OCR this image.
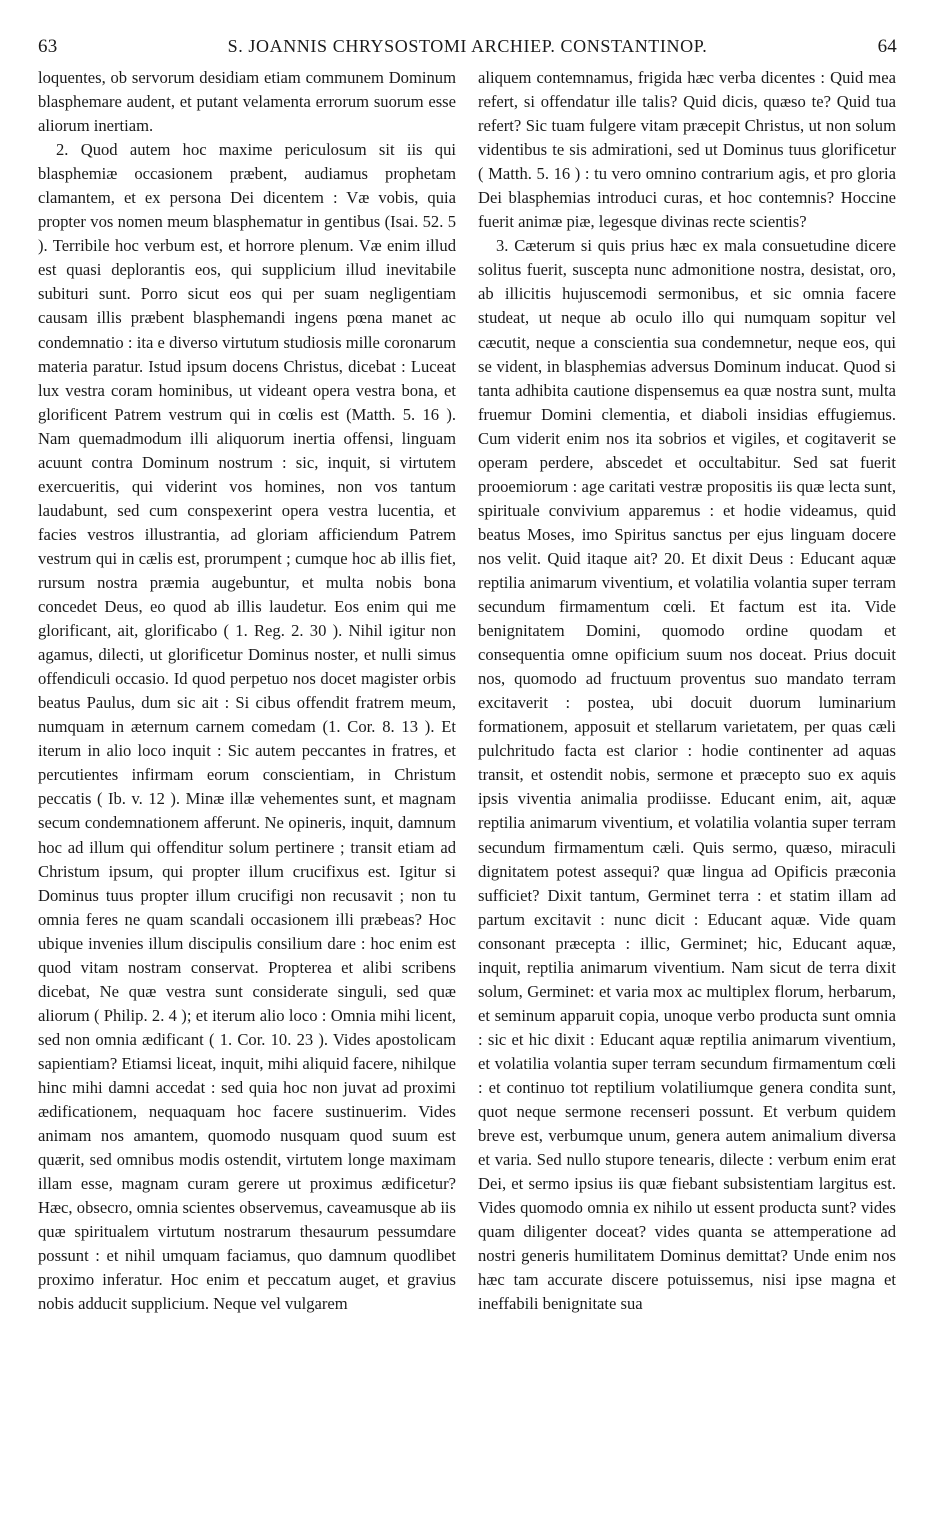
63	S. JOANNIS CHRYSOSTOMI ARCHIEP. CONSTANTINOP.	64

loquentes, ob servorum desidiam etiam communem Dominum blasphemare audent, et putant velamenta errorum suorum esse aliorum inertiam.

2. Quod autem hoc maxime periculosum sit iis qui blasphemiæ occasionem præbent, audiamus prophetam clamantem, et ex persona Dei dicentem : Væ vobis, quia propter vos nomen meum blasphematur in gentibus (Isai. 52. 5 ). Terribile hoc verbum est, et horrore plenum. Væ enim illud est quasi deplorantis eos, qui supplicium illud inevitabile subituri sunt. Porro sicut eos qui per suam negligentiam causam illis præbent blasphemandi ingens pœna manet ac condemnatio : ita e diverso virtutum studiosis mille coronarum materia paratur. Istud ipsum docens Christus, dicebat : Luceat lux vestra coram hominibus, ut videant opera vestra bona, et glorificent Patrem vestrum qui in cœlis est (Matth. 5. 16 ). Nam quemadmodum illi aliquorum inertia offensi, linguam acuunt contra Dominum nostrum : sic, inquit, si virtutem exercueritis, qui viderint vos homines, non vos tantum laudabunt, sed cum conspexerint opera vestra lucentia, et facies vestros illustrantia, ad gloriam afficiendum Patrem vestrum qui in cælis est, prorumpent ; cumque hoc ab illis fiet, rursum nostra præmia augebuntur, et multa nobis bona concedet Deus, eo quod ab illis laudetur. Eos enim qui me glorificant, ait, glorificabo ( 1. Reg. 2. 30 ). Nihil igitur non agamus, dilecti, ut glorificetur Dominus noster, et nulli simus offendiculi occasio. Id quod perpetuo nos docet magister orbis beatus Paulus, dum sic ait : Si cibus offendit fratrem meum, numquam in æternum carnem comedam (1. Cor. 8. 13 ). Et iterum in alio loco inquit : Sic autem peccantes in fratres, et percutientes infirmam eorum conscientiam, in Christum peccatis ( Ib. v. 12 ). Minæ illæ vehementes sunt, et magnam secum condemnationem afferunt. Ne opineris, inquit, damnum hoc ad illum qui offenditur solum pertinere ; transit etiam ad Christum ipsum, qui propter illum crucifixus est. Igitur si Dominus tuus propter illum crucifigi non recusavit ; non tu omnia feres ne quam scandali occasionem illi præbeas? Hoc ubique invenies illum discipulis consilium dare : hoc enim est quod vitam nostram conservat. Propterea et alibi scribens dicebat, Ne quæ vestra sunt considerate singuli, sed quæ aliorum ( Philip. 2. 4 ); et iterum alio loco : Omnia mihi licent, sed non omnia ædificant ( 1. Cor. 10. 23 ). Vides apostolicam sapientiam? Etiamsi liceat, inquit, mihi aliquid facere, nihilque hinc mihi damni accedat : sed quia hoc non juvat ad proximi ædificationem, nequaquam hoc facere sustinuerim. Vides animam nos amantem, quomodo nusquam quod suum est quærit, sed omnibus modis ostendit, virtutem longe maximam illam esse, magnam curam gerere ut proximus ædificetur? Hæc, obsecro, omnia scientes observemus, caveamusque ab iis quæ spiritualem virtutum nostrarum thesaurum pessumdare possunt : et nihil umquam faciamus, quo damnum quodlibet proximo inferatur. Hoc enim et peccatum auget, et gravius nobis adducit supplicium. Neque vel vulgarem

aliquem contemnamus, frigida hæc verba dicentes : Quid mea refert, si offendatur ille talis? Quid dicis, quæso te? Quid tua refert? Sic tuam fulgere vitam præcepit Christus, ut non solum videntibus te sis admirationi, sed ut Dominus tuus glorificetur ( Matth. 5. 16 ) : tu vero omnino contrarium agis, et pro gloria Dei blasphemias introduci curas, et hoc contemnis? Hoccine fuerit animæ piæ, legesque divinas recte scientis?

3. Cæterum si quis prius hæc ex mala consuetudine dicere solitus fuerit, suscepta nunc admonitione nostra, desistat, oro, ab illicitis hujuscemodi sermonibus, et sic omnia facere studeat, ut neque ab oculo illo qui numquam sopitur vel cæcutit, neque a conscientia sua condemnetur, neque eos, qui se vident, in blasphemias adversus Dominum inducat. Quod si tanta adhibita cautione dispensemus ea quæ nostra sunt, multa fruemur Domini clementia, et diaboli insidias effugiemus. Cum viderit enim nos ita sobrios et vigiles, et cogitaverit se operam perdere, abscedet et occultabitur. Sed sat fuerit prooemiorum : age caritati vestræ propositis iis quæ lecta sunt, spirituale convivium apparemus : et hodie videamus, quid beatus Moses, imo Spiritus sanctus per ejus linguam docere nos velit. Quid itaque ait? 20. Et dixit Deus : Educant aquæ reptilia animarum viventium, et volatilia volantia super terram secundum firmamentum cœli. Et factum est ita. Vide benignitatem Domini, quomodo ordine quodam et consequentia omne opificium suum nos doceat. Prius docuit nos, quomodo ad fructuum proventus suo mandato terram excitaverit : postea, ubi docuit duorum luminarium formationem, apposuit et stellarum varietatem, per quas cæli pulchritudo facta est clarior : hodie continenter ad aquas transit, et ostendit nobis, sermone et præcepto suo ex aquis ipsis viventia animalia prodiisse. Educant enim, ait, aquæ reptilia animarum viventium, et volatilia volantia super terram secundum firmamentum cæli. Quis sermo, quæso, miraculi dignitatem potest assequi? quæ lingua ad Opificis præconia sufficiet? Dixit tantum, Germinet terra : et statim illam ad partum excitavit : nunc dicit : Educant aquæ. Vide quam consonant præcepta : illic, Germinet; hic, Educant aquæ, inquit, reptilia animarum viventium. Nam sicut de terra dixit solum, Germinet: et varia mox ac multiplex florum, herbarum, et seminum apparuit copia, unoque verbo producta sunt omnia : sic et hic dixit : Educant aquæ reptilia animarum viventium, et volatilia volantia super terram secundum firmamentum cœli : et continuo tot reptilium volatiliumque genera condita sunt, quot neque sermone recenseri possunt. Et verbum quidem breve est, verbumque unum, genera autem animalium diversa et varia. Sed nullo stupore tenearis, dilecte : verbum enim erat Dei, et sermo ipsius iis quæ fiebant subsistentiam largitus est. Vides quomodo omnia ex nihilo ut essent producta sunt? vides quam diligenter doceat? vides quanta se attemperatione ad nostri generis humilitatem Dominus demittat? Unde enim nos hæc tam accurate discere potuissemus, nisi ipse magna et ineffabili benignitate sua
